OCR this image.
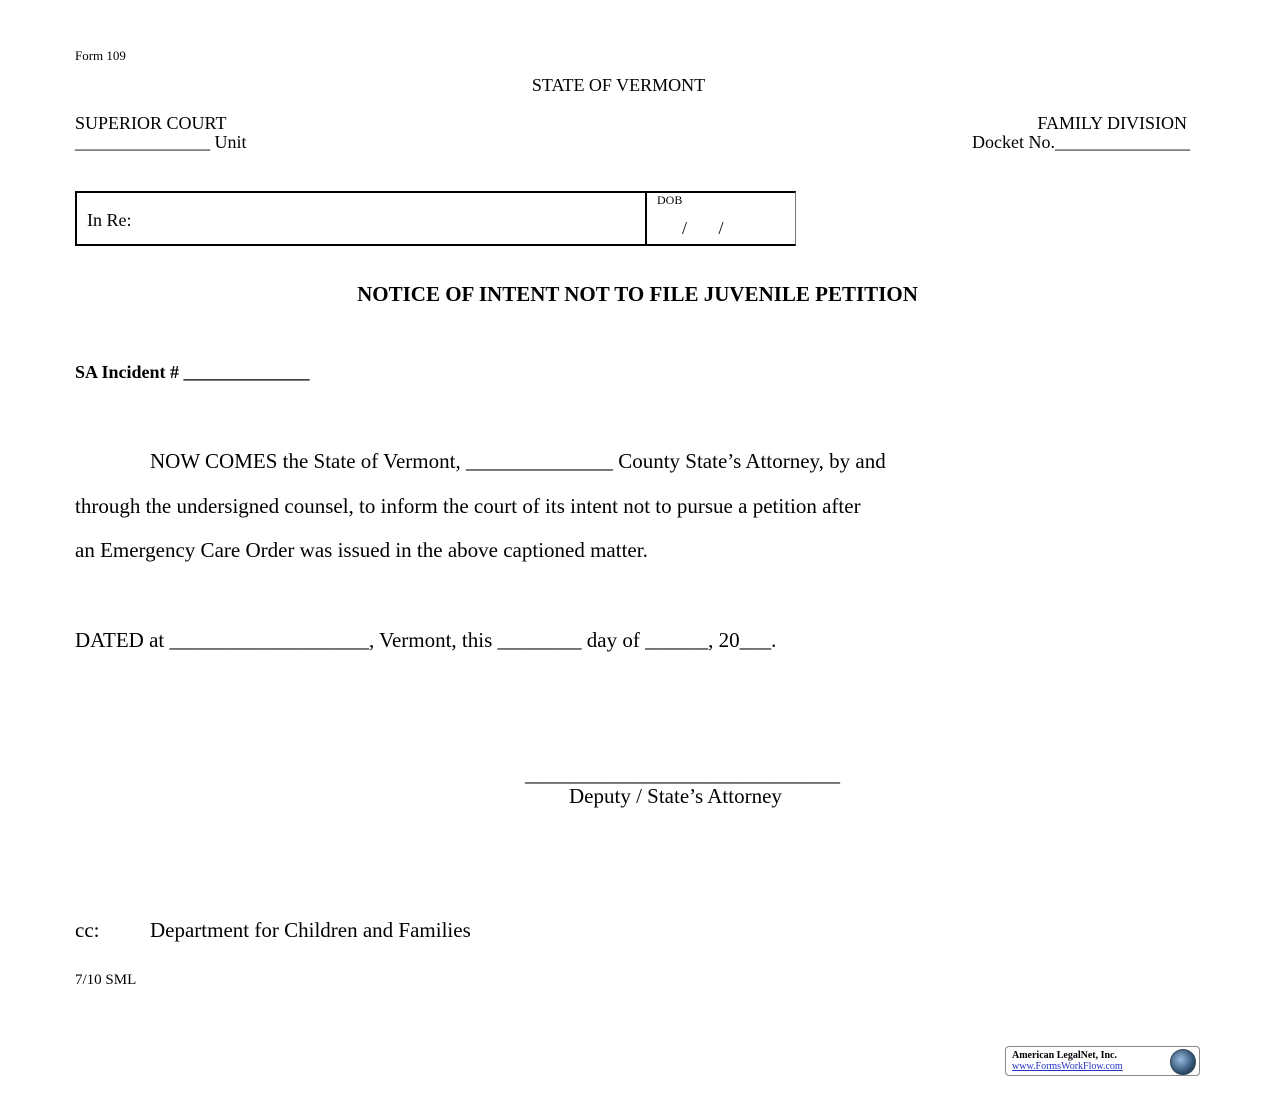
Form 109
STATE OF VERMONT
SUPERIOR COURT
_______________ Unit
FAMILY DIVISION
Docket No._______________
In Re:
DOB
/       /
NOTICE OF INTENT NOT TO FILE JUVENILE PETITION
SA Incident # ______________
NOW COMES the State of Vermont, ______________ County State’s Attorney, by and
through the undersigned counsel, to inform the court of its intent not to pursue a petition after
an Emergency Care Order was issued in the above captioned matter.
DATED at ___________________, Vermont, this ________ day of ______, 20___.
______________________________
Deputy / State’s Attorney
cc: Department for Children and Families
7/10 SML
American LegalNet, Inc.
www.FormsWorkFlow.com
